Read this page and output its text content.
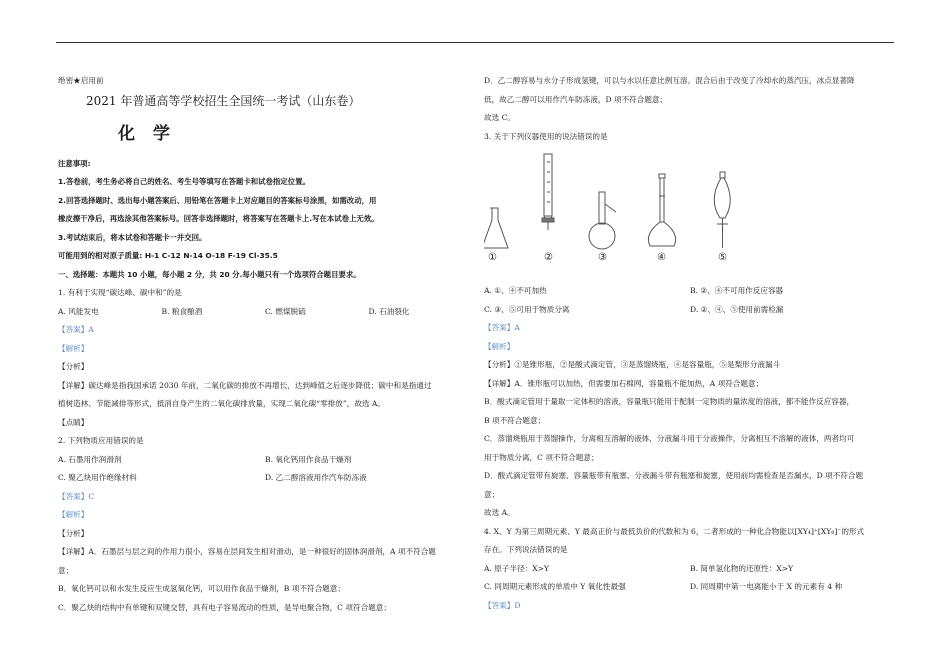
绝密★启用前
2021 年普通高等学校招生全国统一考试（山东卷）
化 学
注意事项:
1.答卷前，考生务必将自己的姓名、考生号等填写在答题卡和试卷指定位置。
2.回答选择题时、选出每小题答案后、用铅笔在答题卡上对应题目的答案标号涂黑，如需改动，用
橡皮擦干净后，再选涂其他答案标号。回答非选择题时，将答案写在答题卡上.写在本试卷上无效。
3.考试结束后，将本试卷和答题卡一并交回。
可能用到的相对原子质量: H-1 C-12 N-14 O-18 F-19 Cl-35.5
一、选择题：本题共 10 小题，每小题 2 分，共 20 分.每小题只有一个选项符合题目要求。
1. 有利于实现“碳达峰、碳中和”的是
A. 风能发电	B. 粮食酿酒	C. 燃煤脱硫	D. 石油裂化
【答案】A
【解析】
【分析】
【详解】碳达峰是指我国承诺 2030 年前，二氧化碳的排放不再增长，达到峰值之后逐步降低；碳中和是指通过
植树造林、节能减排等形式，抵消自身产生的二氧化碳排放量，实现二氧化碳“零排放”，故选 A。
【点睛】
2. 下列物质应用错误的是
A. 石墨用作润滑剂	B. 氧化钙用作食品干燥剂
C. 聚乙炔用作绝缘材料	D. 乙二醇溶液用作汽车防冻液
【答案】C
【解析】
【分析】
【详解】A．石墨层与层之间的作用力很小，容易在层间发生相对滑动，是一种很好的固体润滑剂，A 项不符合题
意；
B．氧化钙可以和水发生反应生成氢氧化钙，可以用作食品干燥剂，B 项不符合题意；
C．聚乙炔的结构中有单键和双键交替，具有电子容易流动的性质，是导电聚合物，C 项符合题意；
D．乙二醇容易与水分子形成氢键，可以与水以任意比例互溶。混合后由于改变了冷却水的蒸汽压，冰点显著降
低，故乙二醇可以用作汽车防冻液，D 项不符合题意；
故选 C。
3. 关于下列仪器使用的说法错误的是
①	②	③	④	⑤
A. ①、④不可加热	B. ②、④不可用作反应容器
C. ③、⑤可用于物质分离	D. ②、④、⑤使用前需检漏
【答案】A
【解析】
【分析】①是锥形瓶，②是酸式滴定管，③是蒸馏烧瓶，④是容量瓶，⑤是梨形分液漏斗
【详解】A．锥形瓶可以加热，但需要加石棉网，容量瓶不能加热，A 项符合题意；
B．酸式滴定管用于量取一定体积的溶液，容量瓶只能用于配制一定物质的量浓度的溶液，都不能作反应容器，
B 项不符合题意；
C．蒸馏烧瓶用于蒸馏操作，分离相互溶解的液体，分液漏斗用于分液操作，分离相互不溶解的液体，两者均可
用于物质分离，C 项不符合题意；
D．酸式滴定管带有旋塞、容量瓶带有瓶塞、分液漏斗带有瓶塞和旋塞，使用前均需检查是否漏水，D 项不符合题
意；
故选 A。
4. X、Y 为第三周期元素、Y 最高正价与最低负价的代数和为 6，二者形成的一种化合物能以[XY₄]⁺[XY₆]⁻的形式
存在。下列说法错误的是
A. 原子半径：X>Y	B. 简单氢化物的还原性：X>Y
C. 同周期元素形成的单质中 Y 氧化性最强	D. 同周期中第一电离能小于 X 的元素有 4 种
【答案】D
